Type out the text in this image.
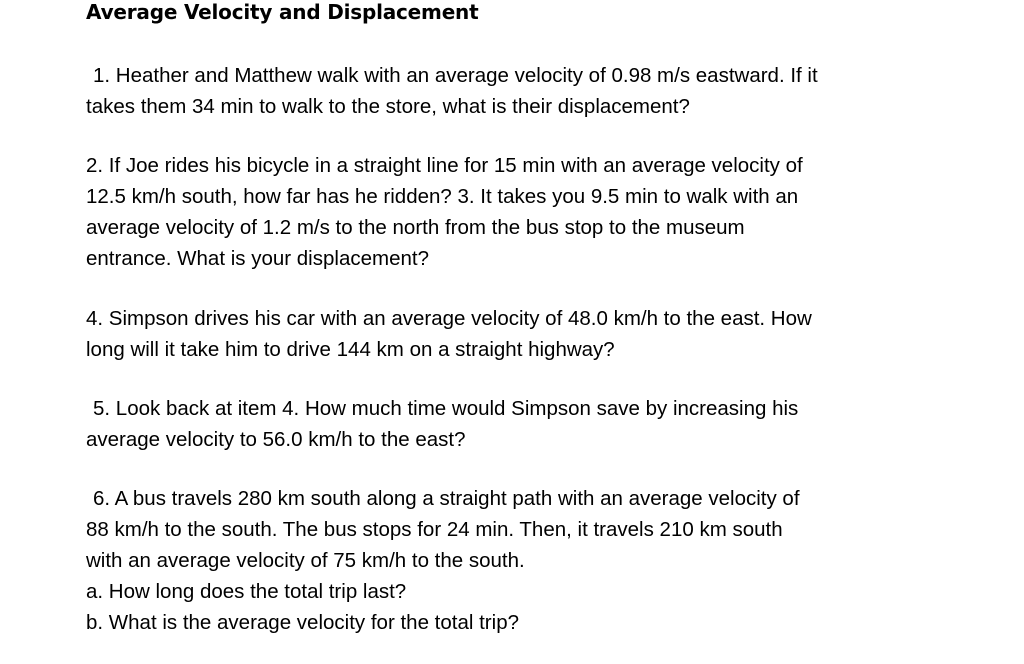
Average Velocity and Displacement

1. Heather and Matthew walk with an average velocity of 0.98 m/s eastward. If it
takes them 34 min to walk to the store, what is their displacement?

2. If Joe rides his bicycle in a straight line for 15 min with an average velocity of
12.5 km/h south, how far has he ridden? 3. It takes you 9.5 min to walk with an
average velocity of 1.2 m/s to the north from the bus stop to the museum
entrance. What is your displacement?

4. Simpson drives his car with an average velocity of 48.0 km/h to the east. How
long will it take him to drive 144 km on a straight highway?

5. Look back at item 4. How much time would Simpson save by increasing his
average velocity to 56.0 km/h to the east?

6. A bus travels 280 km south along a straight path with an average velocity of
88 km/h to the south. The bus stops for 24 min. Then, it travels 210 km south
with an average velocity of 75 km/h to the south.
a. How long does the total trip last?
b. What is the average velocity for the total trip?
